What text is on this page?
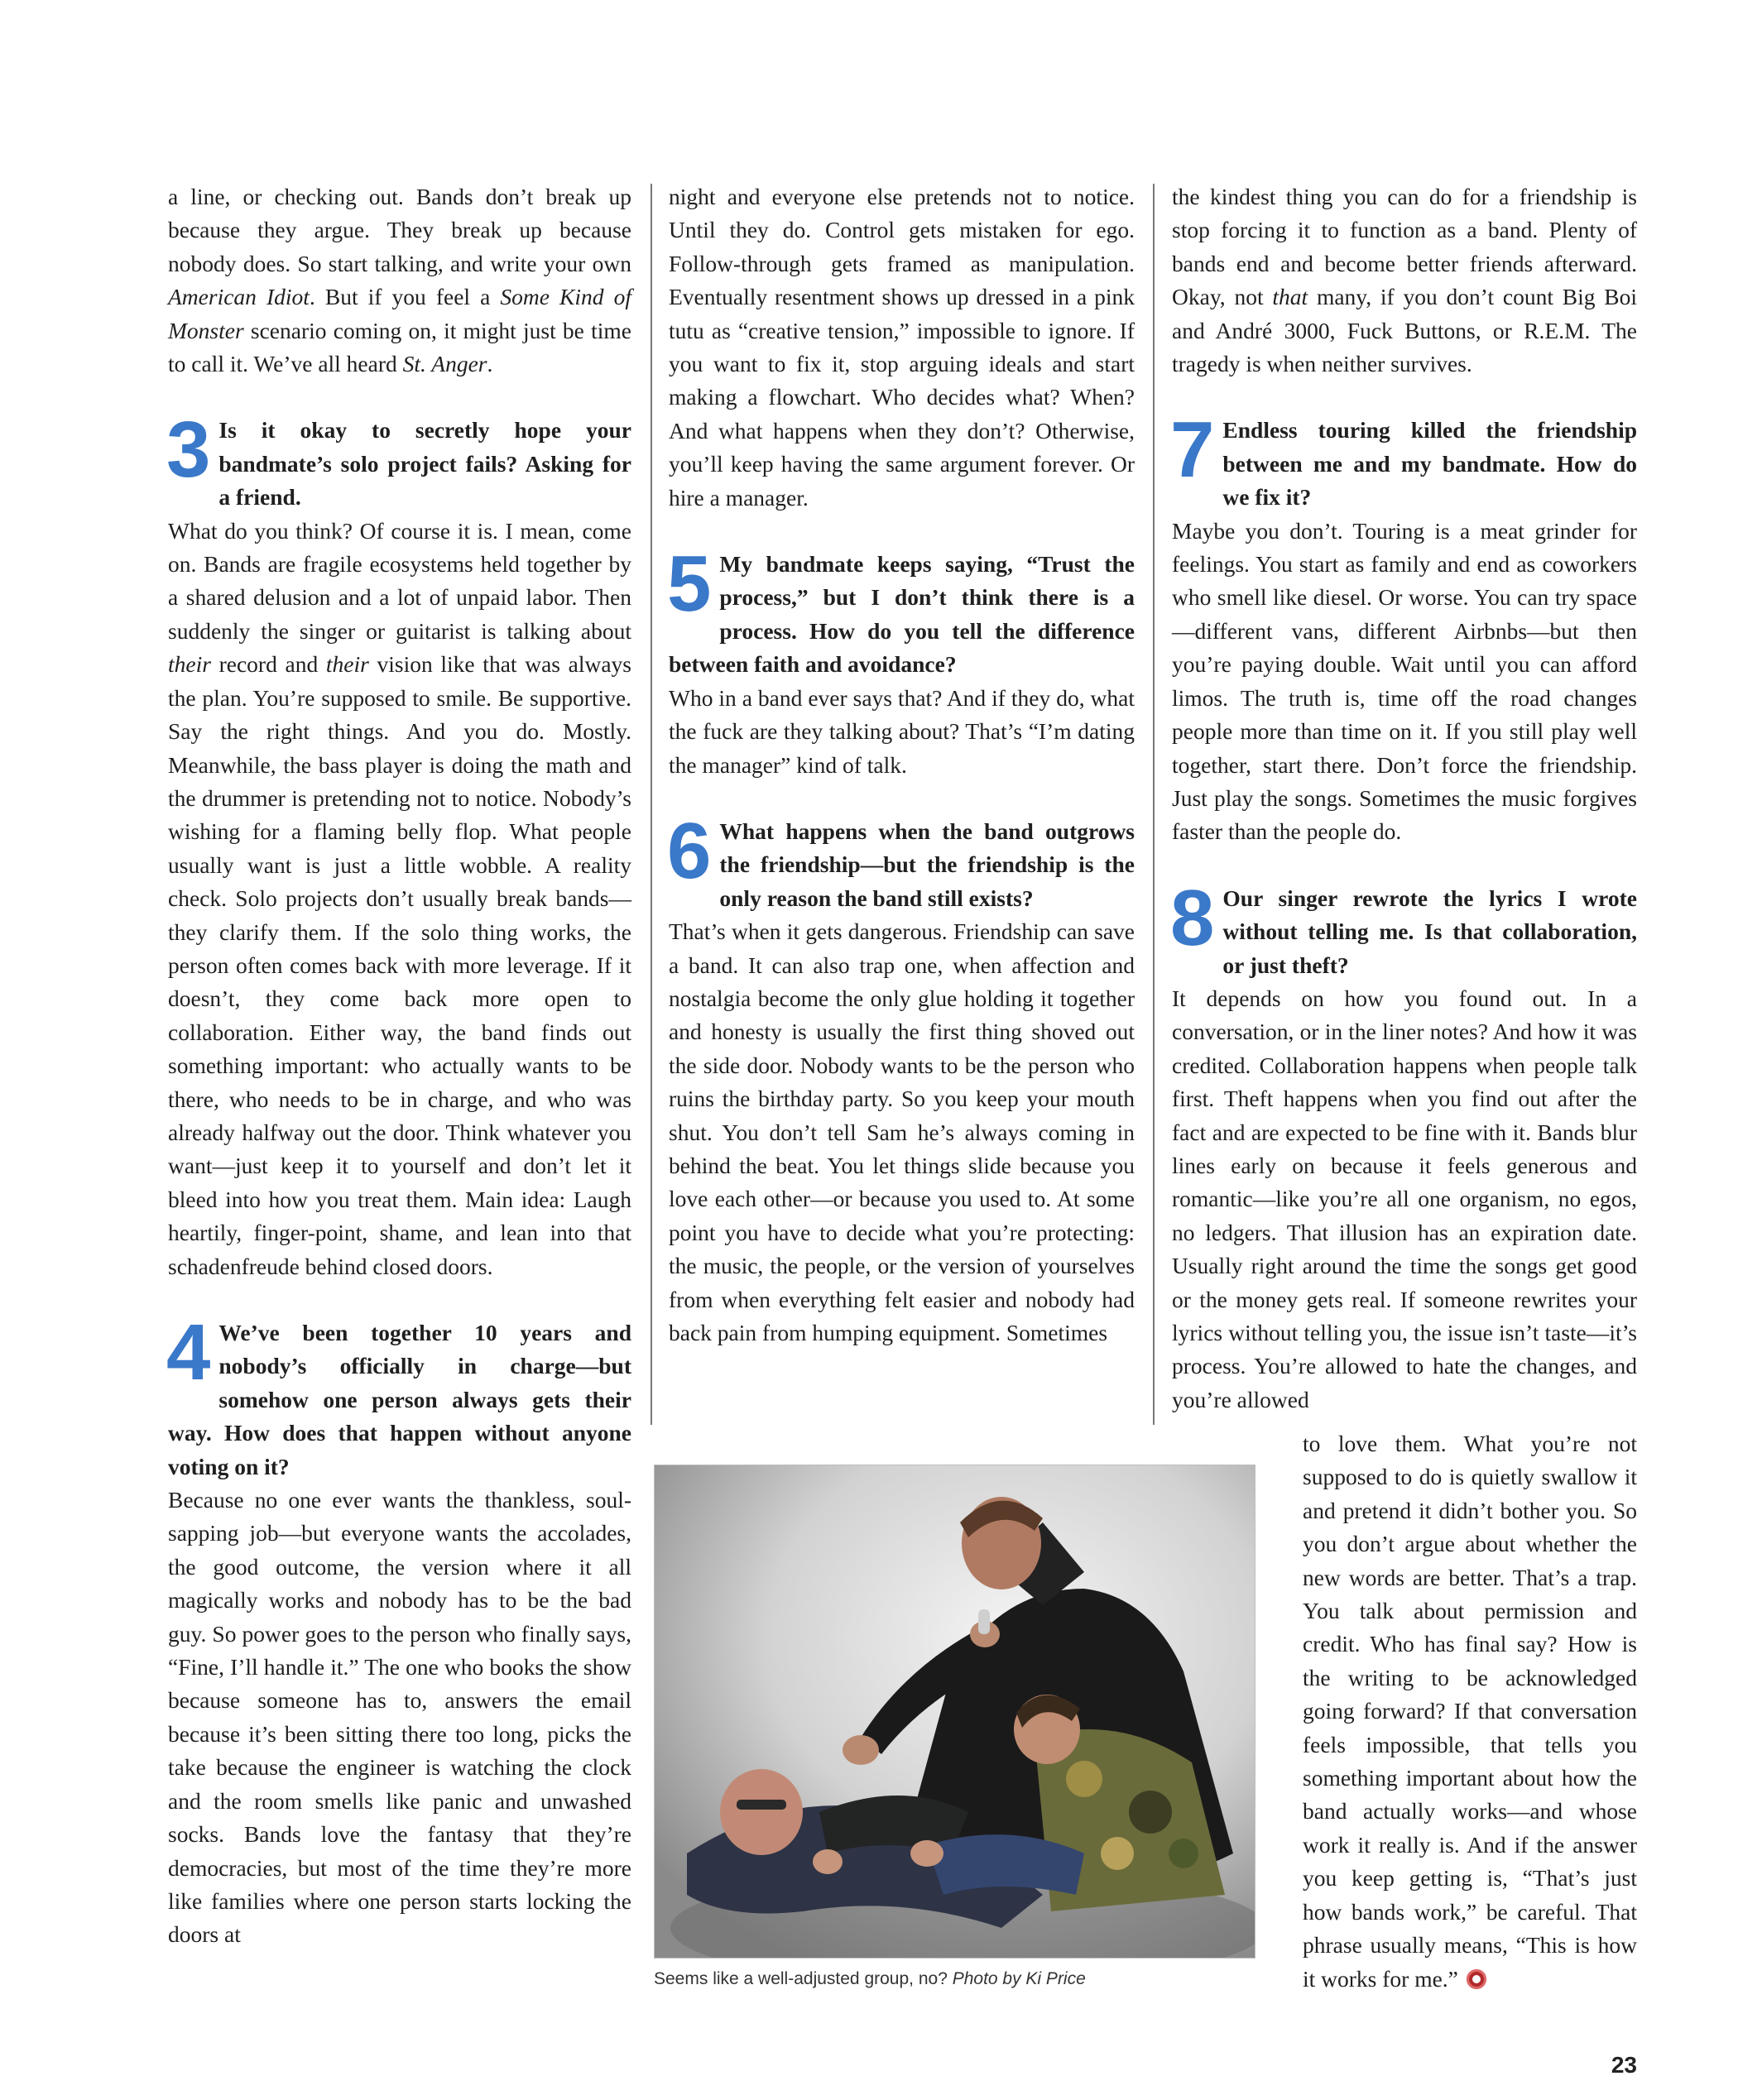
a line, or checking out. Bands don’t break up because they argue. They break up because nobody does. So start talking, and write your own American Idiot. But if you feel a Some Kind of Monster scenario coming on, it might just be time to call it. We’ve all heard St. Anger.

3 Is it okay to secretly hope your bandmate’s solo project fails? Asking for a friend.

What do you think? Of course it is. I mean, come on. Bands are fragile ecosystems held together by a shared delusion and a lot of unpaid labor. Then suddenly the singer or guitarist is talking about their record and their vision like that was always the plan. You’re supposed to smile. Be supportive. Say the right things. And you do. Mostly. Meanwhile, the bass player is doing the math and the drummer is pretending not to notice. Nobody’s wishing for a flaming belly flop. What people usually want is just a little wobble. A reality check. Solo projects don’t usually break bands—they clarify them. If the solo thing works, the person often comes back with more leverage. If it doesn’t, they come back more open to collaboration. Either way, the band finds out something important: who actually wants to be there, who needs to be in charge, and who was already halfway out the door. Think whatever you want—just keep it to yourself and don’t let it bleed into how you treat them. Main idea: Laugh heartily, finger-point, shame, and lean into that schadenfreude behind closed doors.

4 We’ve been together 10 years and nobody’s officially in charge—but somehow one person always gets their way. How does that happen without anyone voting on it?

Because no one ever wants the thankless, soul-sapping job—but everyone wants the accolades, the good outcome, the version where it all magically works and nobody has to be the bad guy. So power goes to the person who finally says, “Fine, I’ll handle it.” The one who books the show because someone has to, answers the email because it’s been sitting there too long, picks the take because the engineer is watching the clock and the room smells like panic and unwashed socks. Bands love the fantasy that they’re democracies, but most of the time they’re more like families where one person starts locking the doors at

night and everyone else pretends not to notice. Until they do. Control gets mistaken for ego. Follow-through gets framed as manipulation. Eventually resentment shows up dressed in a pink tutu as “creative tension,” impossible to ignore. If you want to fix it, stop arguing ideals and start making a flowchart. Who decides what? When? And what happens when they don’t? Otherwise, you’ll keep having the same argument forever. Or hire a manager.

5 My bandmate keeps saying, “Trust the process,” but I don’t think there is a process. How do you tell the difference between faith and avoidance?

Who in a band ever says that? And if they do, what the fuck are they talking about? That’s “I’m dating the manager” kind of talk.

6 What happens when the band outgrows the friendship—but the friendship is the only reason the band still exists?

That’s when it gets dangerous. Friendship can save a band. It can also trap one, when affection and nostalgia become the only glue holding it together and honesty is usually the first thing shoved out the side door. Nobody wants to be the person who ruins the birthday party. So you keep your mouth shut. You don’t tell Sam he’s always coming in behind the beat. You let things slide because you love each other—or because you used to. At some point you have to decide what you’re protecting: the music, the people, or the version of yourselves from when everything felt easier and nobody had back pain from humping equipment. Sometimes

the kindest thing you can do for a friendship is stop forcing it to function as a band. Plenty of bands end and become better friends afterward. Okay, not that many, if you don’t count Big Boi and André 3000, Fuck Buttons, or R.E.M. The tragedy is when neither survives.

7 Endless touring killed the friendship between me and my bandmate. How do we fix it?

Maybe you don’t. Touring is a meat grinder for feelings. You start as family and end as coworkers who smell like diesel. Or worse. You can try space—different vans, different Airbnbs—but then you’re paying double. Wait until you can afford limos. The truth is, time off the road changes people more than time on it. If you still play well together, start there. Don’t force the friendship. Just play the songs. Sometimes the music forgives faster than the people do.

8 Our singer rewrote the lyrics I wrote without telling me. Is that collaboration, or just theft?

It depends on how you found out. In a conversation, or in the liner notes? And how it was credited. Collaboration happens when people talk first. Theft happens when you find out after the fact and are expected to be fine with it. Bands blur lines early on because it feels generous and romantic—like you’re all one organism, no egos, no ledgers. That illusion has an expiration date. Usually right around the time the songs get good or the money gets real. If someone rewrites your lyrics without telling you, the issue isn’t taste—it’s process. You’re allowed to hate the changes, and you’re allowed

to love them. What you’re not supposed to do is quietly swallow it and pretend it didn’t bother you. So you don’t argue about whether the new words are better. That’s a trap. You talk about permission and credit. Who has final say? How is the writing to be acknowledged going forward? If that conversation feels impossible, that tells you something important about how the band actually works—and whose work it really is. And if the answer you keep getting is, “That’s just how bands work,” be careful. That phrase usually means, “This is how it works for me.”

Seems like a well-adjusted group, no? Photo by Ki Price
23
